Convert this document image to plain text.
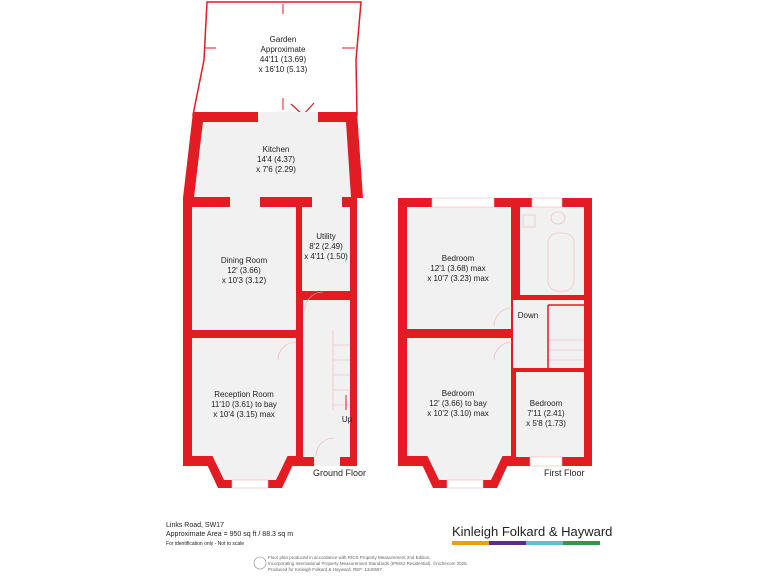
Garden
Approximate
44'11 (13.69)
x 16'10 (5.13)
Kitchen
14'4 (4.37)
x 7'6 (2.29)
Utility
8'2 (2.49)
x 4'11 (1.50)
Dining Room
12' (3.66)
x 10'3 (3.12)
Reception Room
11'10 (3.61) to bay
x 10'4 (3.15) max
Up
Ground Floor
Bedroom
12'1 (3.68) max
x 10'7 (3.23) max
Down
Bedroom
12' (3.66) to bay
x 10'2 (3.10) max
Bedroom
7'11 (2.41)
x 5'8 (1.73)
First Floor
Links Road, SW17
Approximate Area = 950 sq ft / 88.3 sq m
For identification only - Not to scale
Kinleigh Folkard & Hayward
Floor plan produced in accordance with RICS Property Measurement 2nd Edition,
Incorporating International Property Measurement Standards (IPMS2 Residential). ©nichecom 2025.
Produced for Kinleigh Folkard & Hayward. REF: 1340597
